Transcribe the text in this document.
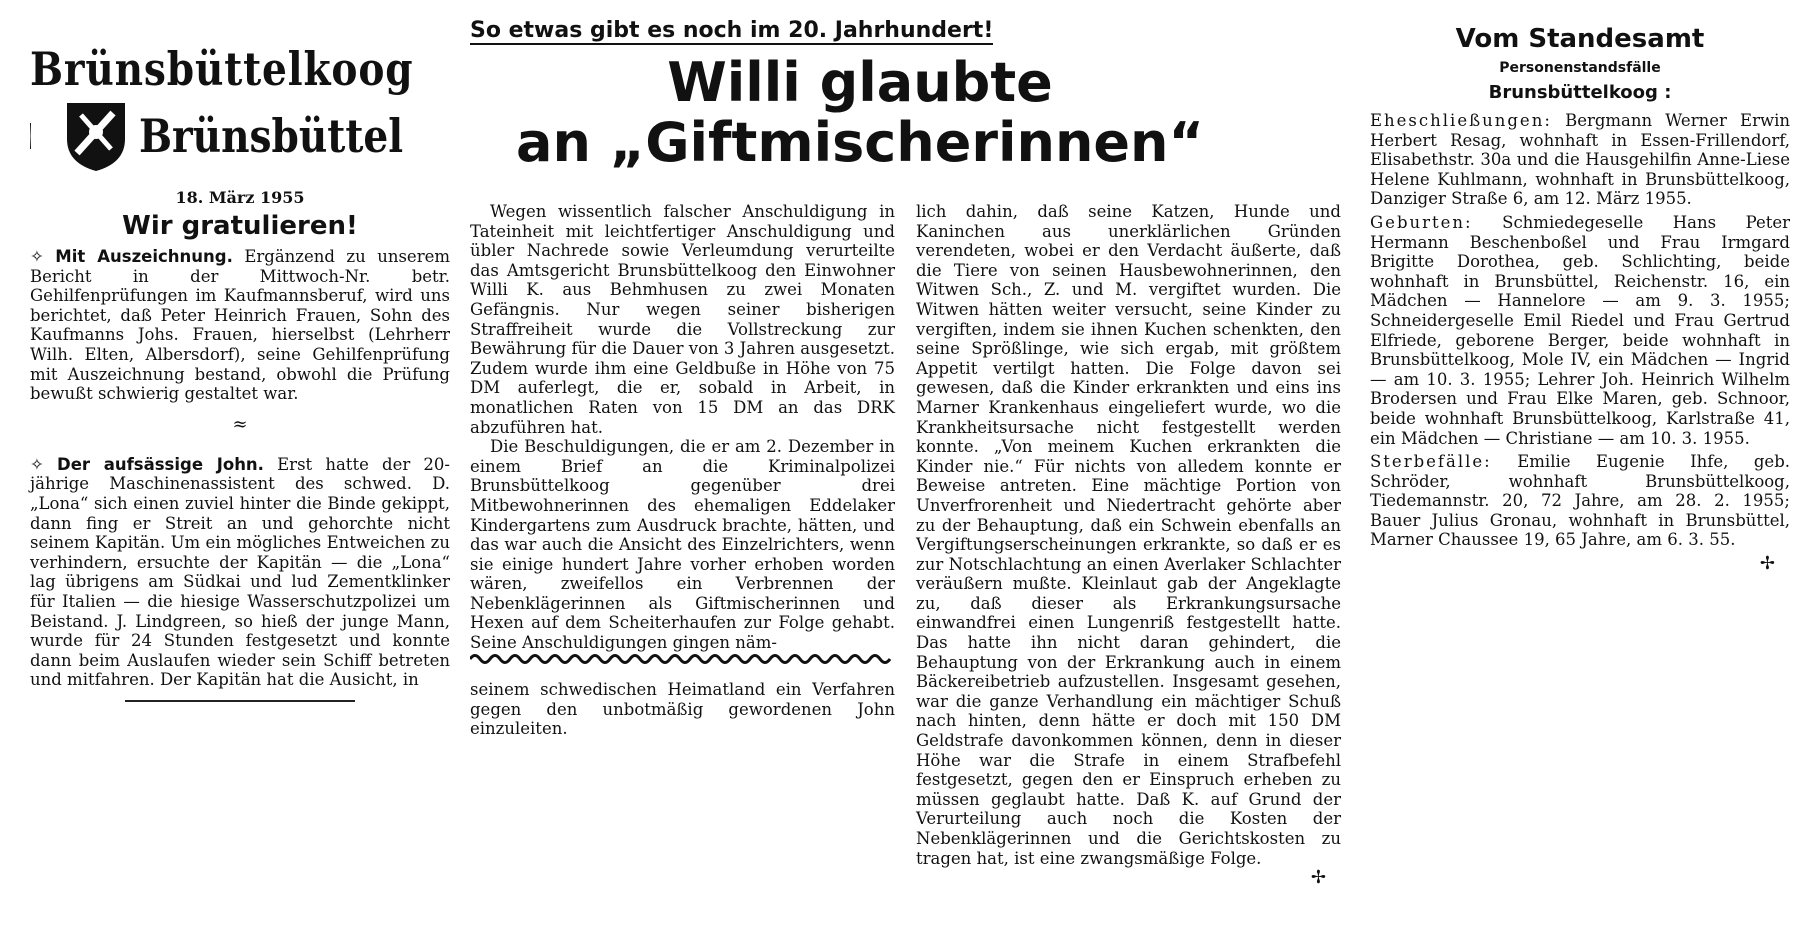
Brünsbüttelkoog
Brünsbüttel
18. März 1955
Wir gratulieren!
✧ Mit Auszeichnung. Ergänzend zu unserem Bericht in der Mittwoch-Nr. betr. Gehilfenprüfungen im Kaufmannsberuf, wird uns berichtet, daß Peter Heinrich Frauen, Sohn des Kaufmanns Johs. Frauen, hierselbst (Lehrherr Wilh. Elten, Albersdorf), seine Gehilfenprüfung mit Auszeichnung bestand, obwohl die Prüfung bewußt schwierig gestaltet war.
≈
✧ Der aufsässige John. Erst hatte der 20-jährige Maschinenassistent des schwed. D. „Lona“ sich einen zuviel hinter die Binde gekippt, dann fing er Streit an und gehorchte nicht seinem Kapitän. Um ein mögliches Entweichen zu verhindern, ersuchte der Kapitän — die „Lona“ lag übrigens am Südkai und lud Zementklinker für Italien — die hiesige Wasserschutzpolizei um Beistand. J. Lindgreen, so hieß der junge Mann, wurde für 24 Stunden festgesetzt und konnte dann beim Auslaufen wieder sein Schiff betreten und mitfahren. Der Kapitän hat die Ausicht, in
So etwas gibt es noch im 20. Jahrhundert!
Willi glaubte
an „Giftmischerinnen“

Wegen wissentlich falscher Anschuldigung in Tateinheit mit leichtfertiger Anschuldigung und übler Nachrede sowie Verleumdung verurteilte das Amtsgericht Brunsbüttelkoog den Einwohner Willi K. aus Behmhusen zu zwei Monaten Gefängnis. Nur wegen seiner bisherigen Straffreiheit wurde die Vollstreckung zur Bewährung für die Dauer von 3 Jahren ausgesetzt. Zudem wurde ihm eine Geldbuße in Höhe von 75 DM auferlegt, die er, sobald in Arbeit, in monatlichen Raten von 15 DM an das DRK abzuführen hat.

Die Beschuldigungen, die er am 2. Dezember in einem Brief an die Kriminalpolizei Brunsbüttelkoog gegenüber drei Mitbewohnerinnen des ehemaligen Eddelaker Kindergartens zum Ausdruck brachte, hätten, und das war auch die Ansicht des Einzelrichters, wenn sie einige hundert Jahre vorher erhoben worden wären, zweifellos ein Verbrennen der Nebenklägerinnen als Giftmischerinnen und Hexen auf dem Scheiterhaufen zur Folge gehabt. Seine Anschuldigungen gingen näm-

seinem schwedischen Heimatland ein Verfahren gegen den unbotmäßig gewordenen John einzuleiten.

lich dahin, daß seine Katzen, Hunde und Kaninchen aus unerklärlichen Gründen verendeten, wobei er den Verdacht äußerte, daß die Tiere von seinen Hausbewohnerinnen, den Witwen Sch., Z. und M. vergiftet wurden. Die Witwen hätten weiter versucht, seine Kinder zu vergiften, indem sie ihnen Kuchen schenkten, den seine Sprößlinge, wie sich ergab, mit größtem Appetit vertilgt hatten. Die Folge davon sei gewesen, daß die Kinder erkrankten und eins ins Marner Krankenhaus eingeliefert wurde, wo die Krankheitsursache nicht festgestellt werden konnte. „Von meinem Kuchen erkrankten die Kinder nie.“ Für nichts von alledem konnte er Beweise antreten. Eine mächtige Portion von Unverfrorenheit und Niedertracht gehörte aber zu der Behauptung, daß ein Schwein ebenfalls an Vergiftungserscheinungen erkrankte, so daß er es zur Notschlachtung an einen Averlaker Schlachter veräußern mußte. Kleinlaut gab der Angeklagte zu, daß dieser als Erkrankungsursache einwandfrei einen Lungenriß festgestellt hatte. Das hatte ihn nicht daran gehindert, die Behauptung von der Erkrankung auch in einem Bäckereibetrieb aufzustellen. Insgesamt gesehen, war die ganze Verhandlung ein mächtiger Schuß nach hinten, denn hätte er doch mit 150 DM Geldstrafe davonkommen können, denn in dieser Höhe war die Strafe in einem Strafbefehl festgesetzt, gegen den er Einspruch erheben zu müssen geglaubt hatte. Daß K. auf Grund der Verurteilung auch noch die Kosten der Nebenklägerinnen und die Gerichtskosten zu tragen hat, ist eine zwangsmäßige Folge.

✢
Vom Standesamt
Personenstandsfälle
Brunsbüttelkoog :

Eheschließungen: Bergmann Werner Erwin Herbert Resag, wohnhaft in Essen-Frillendorf, Elisabethstr. 30a und die Hausgehilfin Anne-Liese Helene Kuhlmann, wohnhaft in Brunsbüttelkoog, Danziger Straße 6, am 12. März 1955.

Geburten: Schmiedegeselle Hans Peter Hermann Beschenboßel und Frau Irmgard Brigitte Dorothea, geb. Schlichting, beide wohnhaft in Brunsbüttel, Reichenstr. 16, ein Mädchen — Hannelore — am 9. 3. 1955; Schneidergeselle Emil Riedel und Frau Gertrud Elfriede, geborene Berger, beide wohnhaft in Brunsbüttelkoog, Mole IV, ein Mädchen — Ingrid — am 10. 3. 1955; Lehrer Joh. Heinrich Wilhelm Brodersen und Frau Elke Maren, geb. Schnoor, beide wohnhaft Brunsbüttelkoog, Karlstraße 41, ein Mädchen — Christiane — am 10. 3. 1955.

Sterbefälle: Emilie Eugenie Ihfe, geb. Schröder, wohnhaft Brunsbüttelkoog, Tiedemannstr. 20, 72 Jahre, am 28. 2. 1955; Bauer Julius Gronau, wohnhaft in Brunsbüttel, Marner Chaussee 19, 65 Jahre, am 6. 3. 55.

✢
